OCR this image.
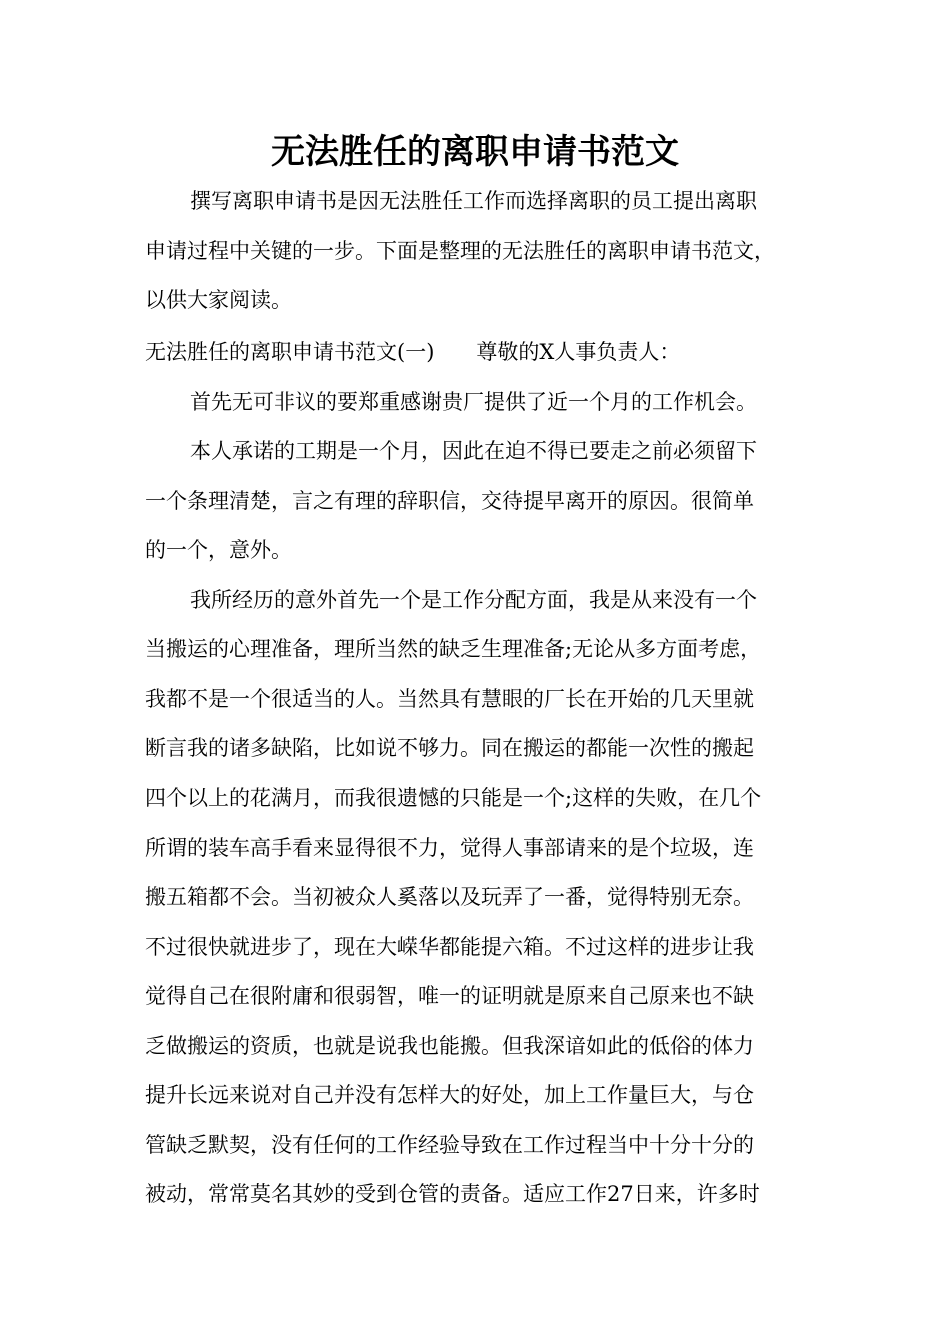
无法胜任的离职申请书范文
撰写离职申请书是因无法胜任工作而选择离职的员工提出离职
申请过程中关键的一步。下面是整理的无法胜任的离职申请书范文，
以供大家阅读。
无法胜任的离职申请书范文(一)　　尊敬的X人事负责人：
首先无可非议的要郑重感谢贵厂提供了近一个月的工作机会。
本人承诺的工期是一个月，因此在迫不得已要走之前必须留下
一个条理清楚，言之有理的辞职信，交待提早离开的原因。很简单
的一个，意外。
我所经历的意外首先一个是工作分配方面，我是从来没有一个
当搬运的心理准备，理所当然的缺乏生理准备;无论从多方面考虑，
我都不是一个很适当的人。当然具有慧眼的厂长在开始的几天里就
断言我的诸多缺陷，比如说不够力。同在搬运的都能一次性的搬起
四个以上的花满月，而我很遗憾的只能是一个;这样的失败，在几个
所谓的装车高手看来显得很不力，觉得人事部请来的是个垃圾，连
搬五箱都不会。当初被众人奚落以及玩弄了一番，觉得特别无奈。
不过很快就进步了，现在大嵘华都能提六箱。不过这样的进步让我
觉得自己在很附庸和很弱智，唯一的证明就是原来自己原来也不缺
乏做搬运的资质，也就是说我也能搬。但我深谙如此的低俗的体力
提升长远来说对自己并没有怎样大的好处，加上工作量巨大，与仓
管缺乏默契，没有任何的工作经验导致在工作过程当中十分十分的
被动，常常莫名其妙的受到仓管的责备。适应工作27日来，许多时
